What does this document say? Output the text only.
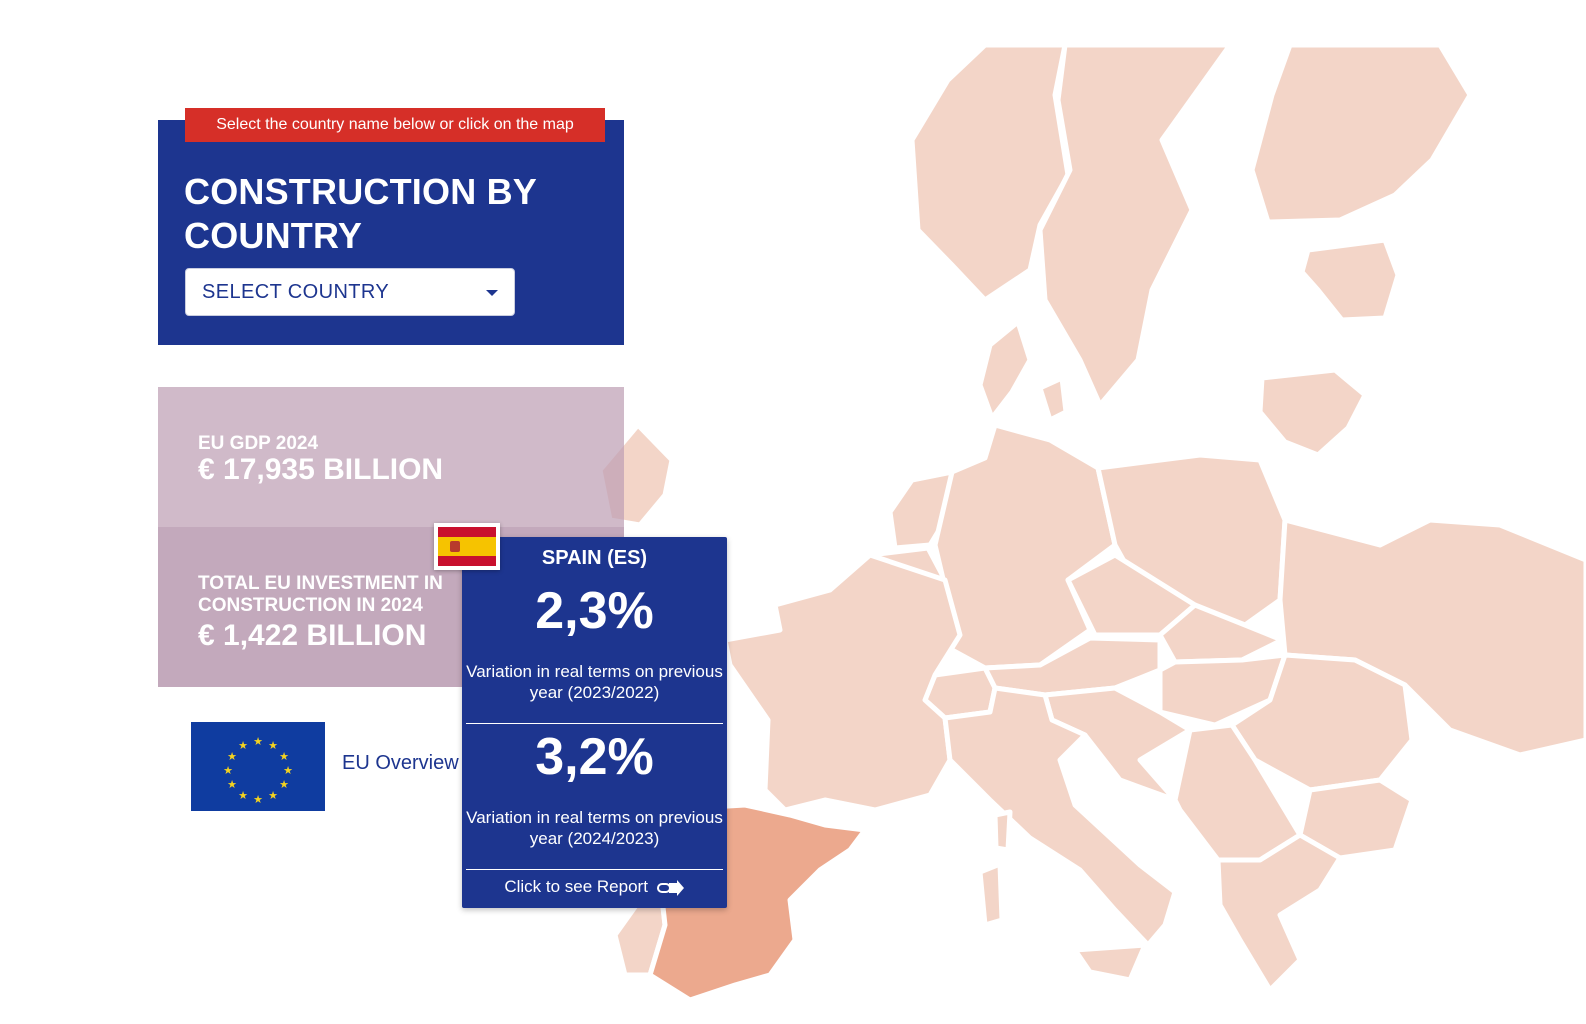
Select the country name below or click on the map
CONSTRUCTION BY COUNTRY
SELECT COUNTRY
EU GDP 2024
€ 17,935 BILLION
TOTAL EU INVESTMENT IN CONSTRUCTION IN 2024
€ 1,422 BILLION
★ ★
★
★
★
★
★
★
★
★
★
★
EU Overview
SPAIN (ES)
2,3%
Variation in real terms on previous year (2023/2022)
3,2%
Variation in real terms on previous year (2024/2023)
Click to see Report
